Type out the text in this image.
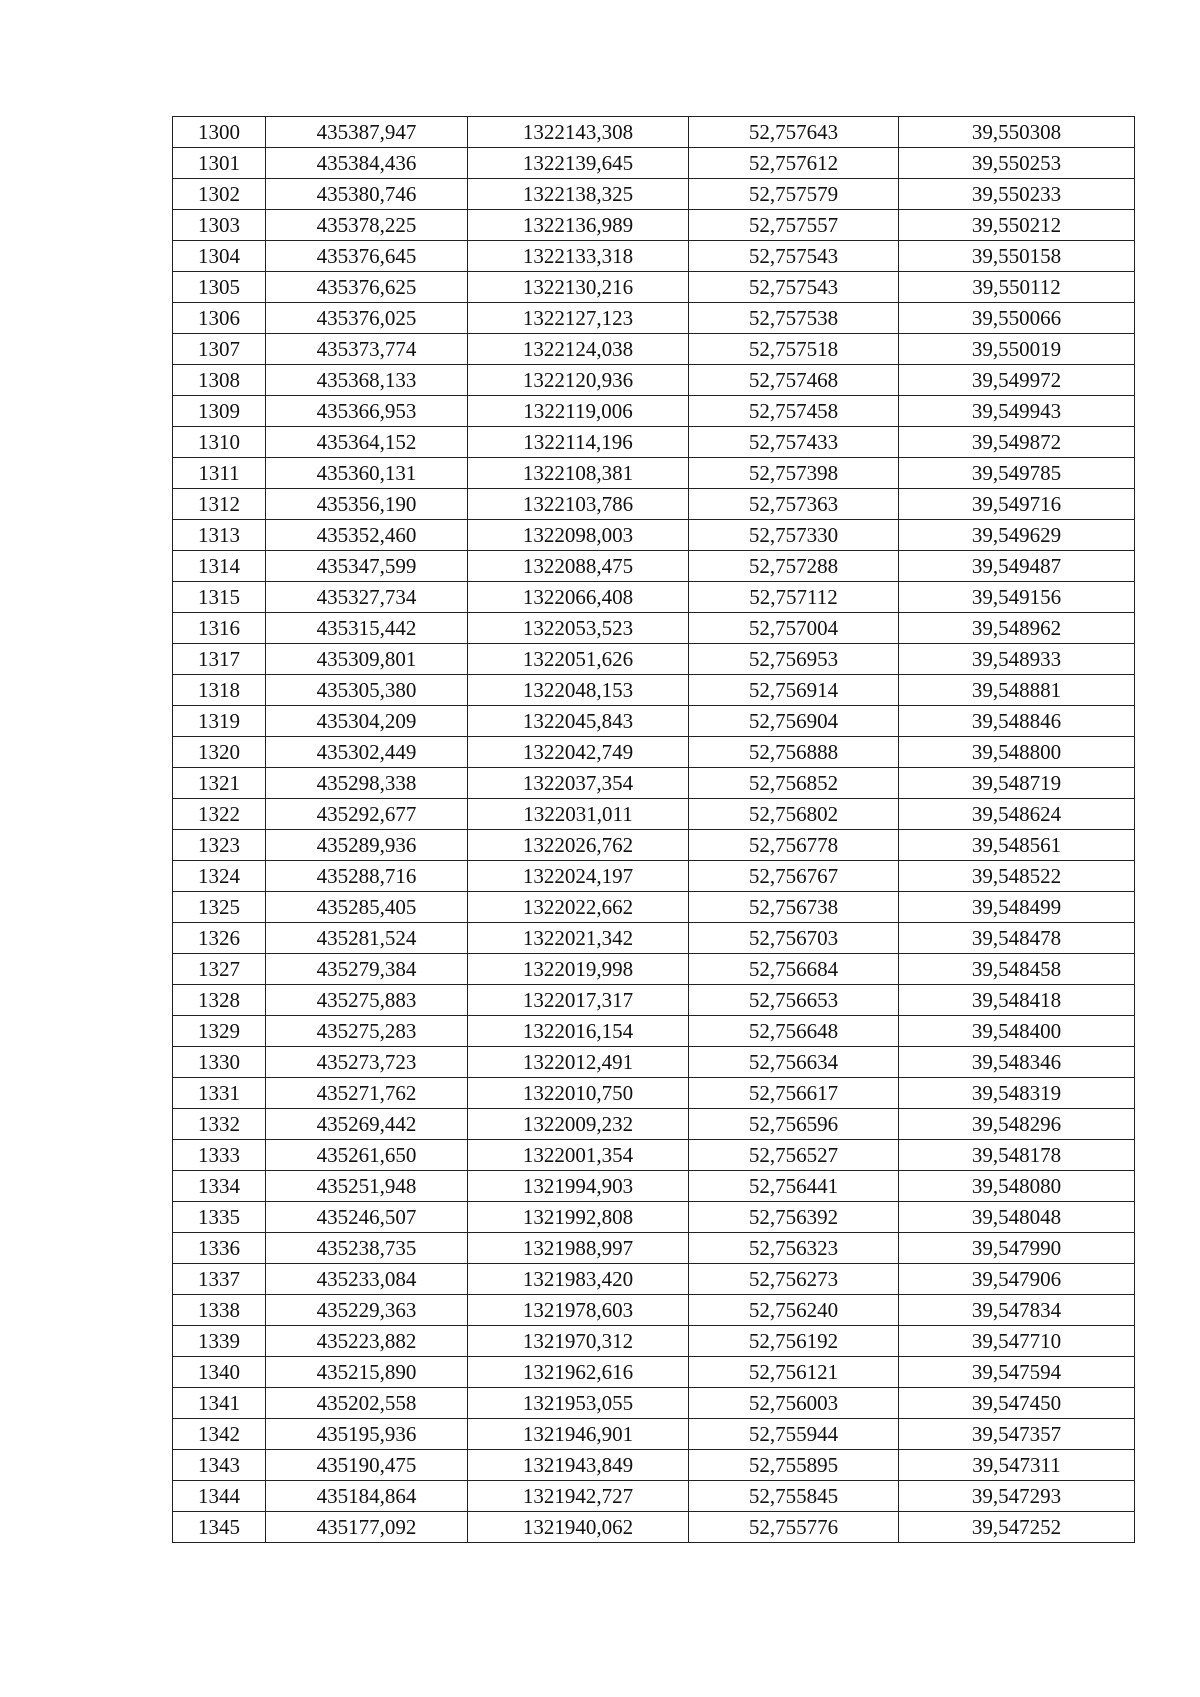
1300	435387,947	1322143,308	52,757643	39,550308
1301	435384,436	1322139,645	52,757612	39,550253
1302	435380,746	1322138,325	52,757579	39,550233
1303	435378,225	1322136,989	52,757557	39,550212
1304	435376,645	1322133,318	52,757543	39,550158
1305	435376,625	1322130,216	52,757543	39,550112
1306	435376,025	1322127,123	52,757538	39,550066
1307	435373,774	1322124,038	52,757518	39,550019
1308	435368,133	1322120,936	52,757468	39,549972
1309	435366,953	1322119,006	52,757458	39,549943
1310	435364,152	1322114,196	52,757433	39,549872
1311	435360,131	1322108,381	52,757398	39,549785
1312	435356,190	1322103,786	52,757363	39,549716
1313	435352,460	1322098,003	52,757330	39,549629
1314	435347,599	1322088,475	52,757288	39,549487
1315	435327,734	1322066,408	52,757112	39,549156
1316	435315,442	1322053,523	52,757004	39,548962
1317	435309,801	1322051,626	52,756953	39,548933
1318	435305,380	1322048,153	52,756914	39,548881
1319	435304,209	1322045,843	52,756904	39,548846
1320	435302,449	1322042,749	52,756888	39,548800
1321	435298,338	1322037,354	52,756852	39,548719
1322	435292,677	1322031,011	52,756802	39,548624
1323	435289,936	1322026,762	52,756778	39,548561
1324	435288,716	1322024,197	52,756767	39,548522
1325	435285,405	1322022,662	52,756738	39,548499
1326	435281,524	1322021,342	52,756703	39,548478
1327	435279,384	1322019,998	52,756684	39,548458
1328	435275,883	1322017,317	52,756653	39,548418
1329	435275,283	1322016,154	52,756648	39,548400
1330	435273,723	1322012,491	52,756634	39,548346
1331	435271,762	1322010,750	52,756617	39,548319
1332	435269,442	1322009,232	52,756596	39,548296
1333	435261,650	1322001,354	52,756527	39,548178
1334	435251,948	1321994,903	52,756441	39,548080
1335	435246,507	1321992,808	52,756392	39,548048
1336	435238,735	1321988,997	52,756323	39,547990
1337	435233,084	1321983,420	52,756273	39,547906
1338	435229,363	1321978,603	52,756240	39,547834
1339	435223,882	1321970,312	52,756192	39,547710
1340	435215,890	1321962,616	52,756121	39,547594
1341	435202,558	1321953,055	52,756003	39,547450
1342	435195,936	1321946,901	52,755944	39,547357
1343	435190,475	1321943,849	52,755895	39,547311
1344	435184,864	1321942,727	52,755845	39,547293
1345	435177,092	1321940,062	52,755776	39,547252
